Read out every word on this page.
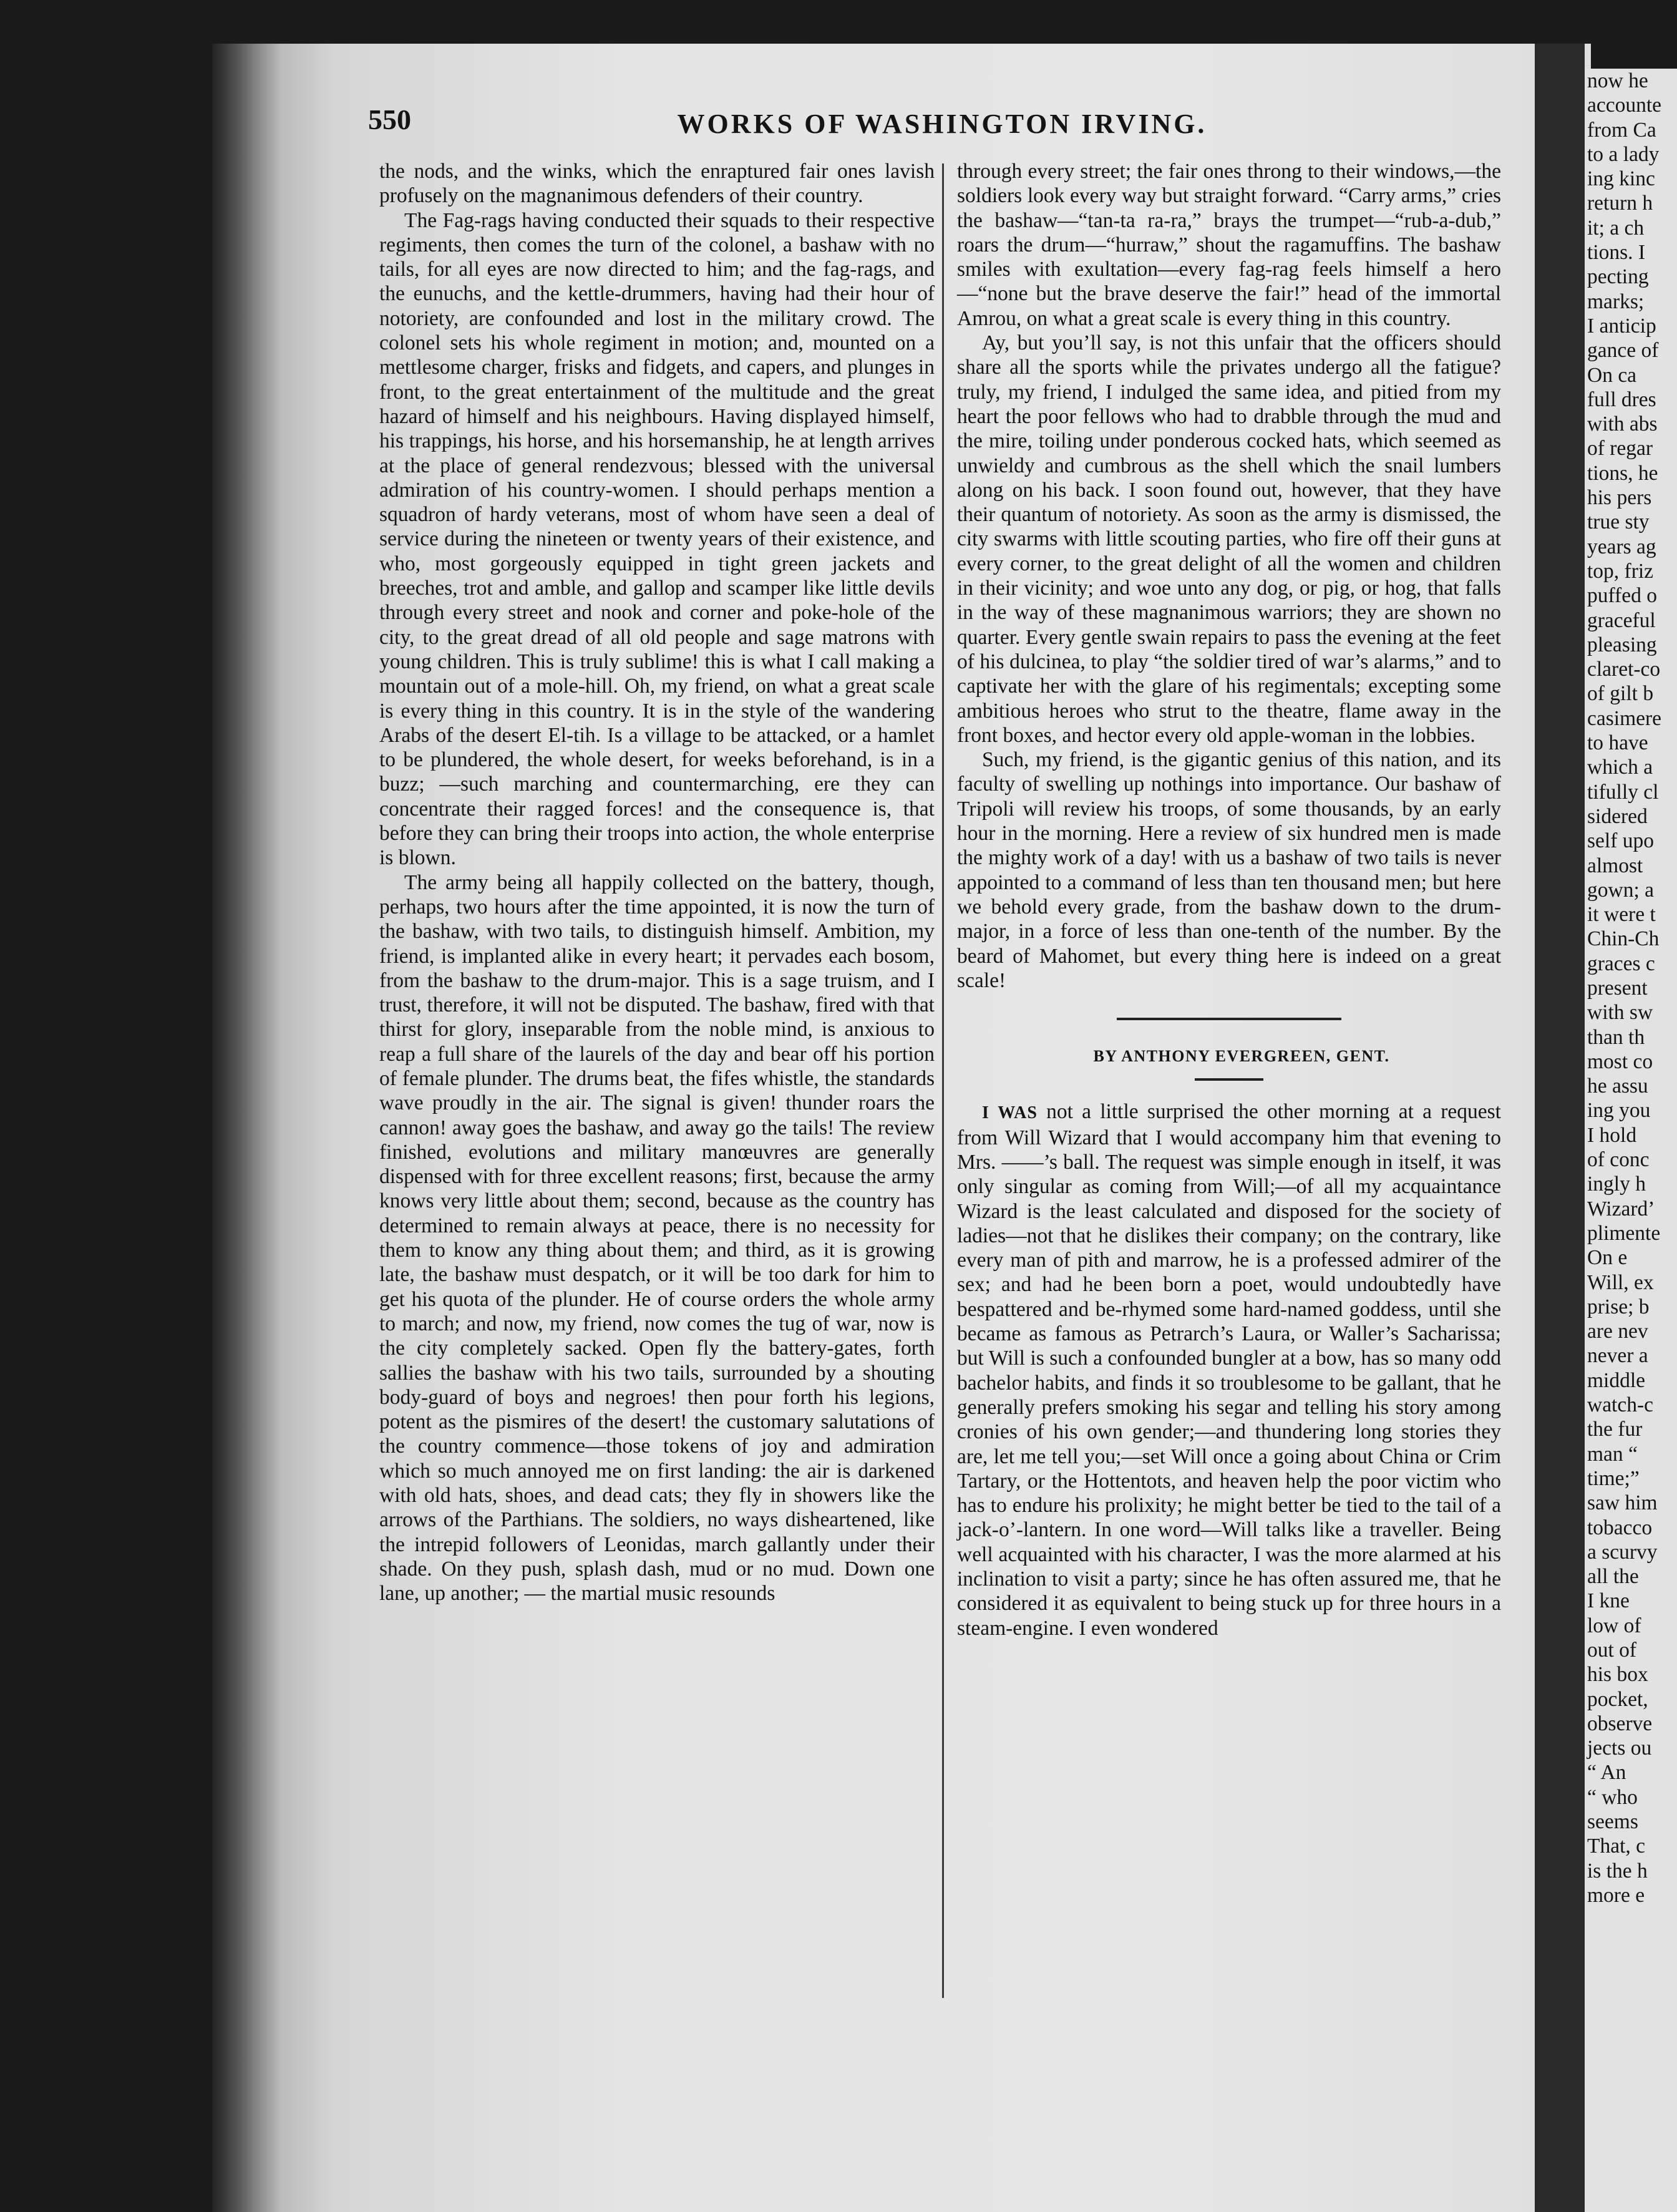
550	WORKS OF WASHINGTON IRVING.

the nods, and the winks, which the enraptured fair ones lavish profusely on the magnanimous defenders of their country.

The Fag-rags having conducted their squads to their respective regiments, then comes the turn of the colonel, a bashaw with no tails, for all eyes are now directed to him; and the fag-rags, and the eunuchs, and the kettle-drummers, having had their hour of notoriety, are confounded and lost in the military crowd. The colonel sets his whole regiment in motion; and, mounted on a mettlesome charger, frisks and fidgets, and capers, and plunges in front, to the great entertainment of the multitude and the great hazard of himself and his neighbours. Having displayed himself, his trappings, his horse, and his horsemanship, he at length arrives at the place of general rendezvous; blessed with the universal admiration of his country-women. I should perhaps mention a squadron of hardy veterans, most of whom have seen a deal of service during the nineteen or twenty years of their existence, and who, most gorgeously equipped in tight green jackets and breeches, trot and amble, and gallop and scamper like little devils through every street and nook and corner and poke-hole of the city, to the great dread of all old people and sage matrons with young children. This is truly sublime! this is what I call making a mountain out of a mole-hill. Oh, my friend, on what a great scale is every thing in this country. It is in the style of the wandering Arabs of the desert El-tih. Is a village to be attacked, or a hamlet to be plundered, the whole desert, for weeks beforehand, is in a buzz; —such marching and countermarching, ere they can concentrate their ragged forces! and the consequence is, that before they can bring their troops into action, the whole enterprise is blown.

The army being all happily collected on the battery, though, perhaps, two hours after the time appointed, it is now the turn of the bashaw, with two tails, to distinguish himself. Ambition, my friend, is implanted alike in every heart; it pervades each bosom, from the bashaw to the drum-major. This is a sage truism, and I trust, therefore, it will not be disputed. The bashaw, fired with that thirst for glory, inseparable from the noble mind, is anxious to reap a full share of the laurels of the day and bear off his portion of female plunder. The drums beat, the fifes whistle, the standards wave proudly in the air. The signal is given! thunder roars the cannon! away goes the bashaw, and away go the tails! The review finished, evolutions and military manœuvres are generally dispensed with for three excellent reasons; first, because the army knows very little about them; second, because as the country has determined to remain always at peace, there is no necessity for them to know any thing about them; and third, as it is growing late, the bashaw must despatch, or it will be too dark for him to get his quota of the plunder. He of course orders the whole army to march; and now, my friend, now comes the tug of war, now is the city completely sacked. Open fly the battery-gates, forth sallies the bashaw with his two tails, surrounded by a shouting body-guard of boys and negroes! then pour forth his legions, potent as the pismires of the desert! the customary salutations of the country commence—those tokens of joy and admiration which so much annoyed me on first landing: the air is darkened with old hats, shoes, and dead cats; they fly in showers like the arrows of the Parthians. The soldiers, no ways disheartened, like the intrepid followers of Leonidas, march gallantly under their shade. On they push, splash dash, mud or no mud. Down one lane, up another; — the martial music resounds

through every street; the fair ones throng to their windows,—the soldiers look every way but straight forward. “Carry arms,” cries the bashaw—“tan-ta ra-ra,” brays the trumpet—“rub-a-dub,” roars the drum—“hurraw,” shout the ragamuffins. The bashaw smiles with exultation—every fag-rag feels himself a hero—“none but the brave deserve the fair!” head of the immortal Amrou, on what a great scale is every thing in this country.

Ay, but you’ll say, is not this unfair that the officers should share all the sports while the privates undergo all the fatigue? truly, my friend, I indulged the same idea, and pitied from my heart the poor fellows who had to drabble through the mud and the mire, toiling under ponderous cocked hats, which seemed as unwieldy and cumbrous as the shell which the snail lumbers along on his back. I soon found out, however, that they have their quantum of notoriety. As soon as the army is dismissed, the city swarms with little scouting parties, who fire off their guns at every corner, to the great delight of all the women and children in their vicinity; and woe unto any dog, or pig, or hog, that falls in the way of these magnanimous warriors; they are shown no quarter. Every gentle swain repairs to pass the evening at the feet of his dulcinea, to play “the soldier tired of war’s alarms,” and to captivate her with the glare of his regimentals; excepting some ambitious heroes who strut to the theatre, flame away in the front boxes, and hector every old apple-woman in the lobbies.

Such, my friend, is the gigantic genius of this nation, and its faculty of swelling up nothings into importance. Our bashaw of Tripoli will review his troops, of some thousands, by an early hour in the morning. Here a review of six hundred men is made the mighty work of a day! with us a bashaw of two tails is never appointed to a command of less than ten thousand men; but here we behold every grade, from the bashaw down to the drum-major, in a force of less than one-tenth of the number. By the beard of Mahomet, but every thing here is indeed on a great scale!

BY ANTHONY EVERGREEN, GENT.

I WAS not a little surprised the other morning at a request from Will Wizard that I would accompany him that evening to Mrs. ——’s ball. The request was simple enough in itself, it was only singular as coming from Will;—of all my acquaintance Wizard is the least calculated and disposed for the society of ladies—not that he dislikes their company; on the contrary, like every man of pith and marrow, he is a professed admirer of the sex; and had he been born a poet, would undoubtedly have bespattered and be-rhymed some hard-named goddess, until she became as famous as Petrarch’s Laura, or Waller’s Sacharissa; but Will is such a confounded bungler at a bow, has so many odd bachelor habits, and finds it so troublesome to be gallant, that he generally prefers smoking his segar and telling his story among cronies of his own gender;—and thundering long stories they are, let me tell you;—set Will once a going about China or Crim Tartary, or the Hottentots, and heaven help the poor victim who has to endure his prolixity; he might better be tied to the tail of a jack-o’-lantern. In one word—Will talks like a traveller. Being well acquainted with his character, I was the more alarmed at his inclination to visit a party; since he has often assured me, that he considered it as equivalent to being stuck up for three hours in a steam-engine. I even wondered

now he
accounte
from Ca
to a lady
ing kinc
return h
it; a ch
tions. I
pecting
marks;
I anticip
gance of
On ca
full dres
with abs
of regar
tions, he
his pers
true sty
years ag
top, friz
puffed o
graceful
pleasing
claret-co
of gilt b
casimere
to have
which a
tifully cl
sidered
self upo
almost
gown; a
it were t
Chin-Ch
graces c
present
with sw
than th
most co
he assu
ing you
I hold
of conc
ingly h
Wizard’
plimente
On e
Will, ex
prise; b
are nev
never a
middle
watch-c
the fur
man “
time;”
saw him
tobacco
a scurvy
all the
I kne
low of
out of
his box
pocket,
observe
jects ou
“ An
“ who
seems
That, c
is the h
more e
